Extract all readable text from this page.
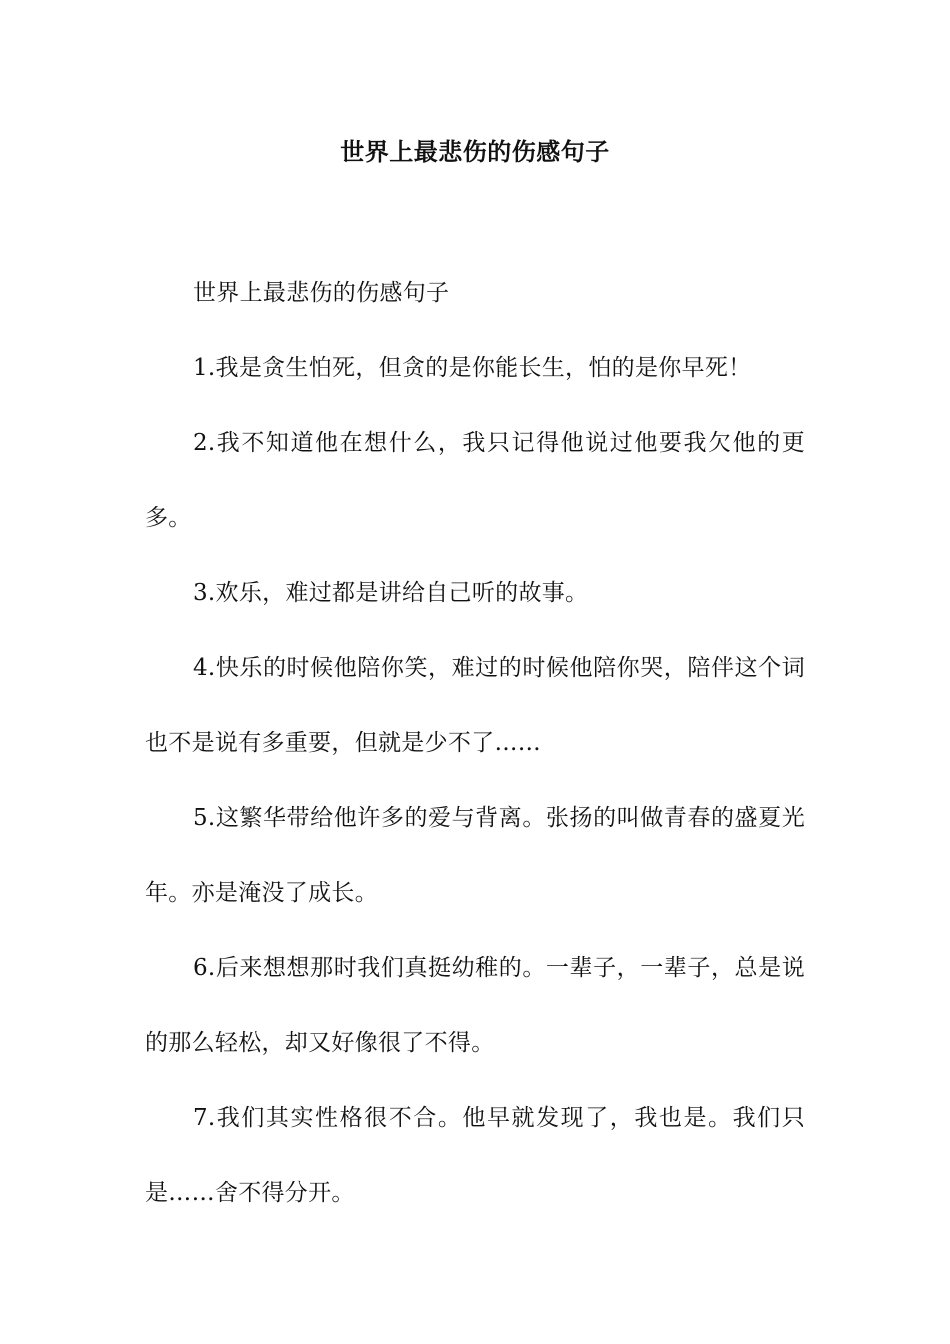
世界上最悲伤的伤感句子

世界上最悲伤的伤感句子

1.我是贪生怕死，但贪的是你能长生，怕的是你早死！

2.我不知道他在想什么，我只记得他说过他要我欠他的更多。

3.欢乐，难过都是讲给自己听的故事。

4.快乐的时候他陪你笑，难过的时候他陪你哭，陪伴这个词也不是说有多重要，但就是少不了……

5.这繁华带给他许多的爱与背离。张扬的叫做青春的盛夏光年。亦是淹没了成长。

6.后来想想那时我们真挺幼稚的。一辈子，一辈子，总是说的那么轻松，却又好像很了不得。

7.我们其实性格很不合。他早就发现了，我也是。我们只是……舍不得分开。
